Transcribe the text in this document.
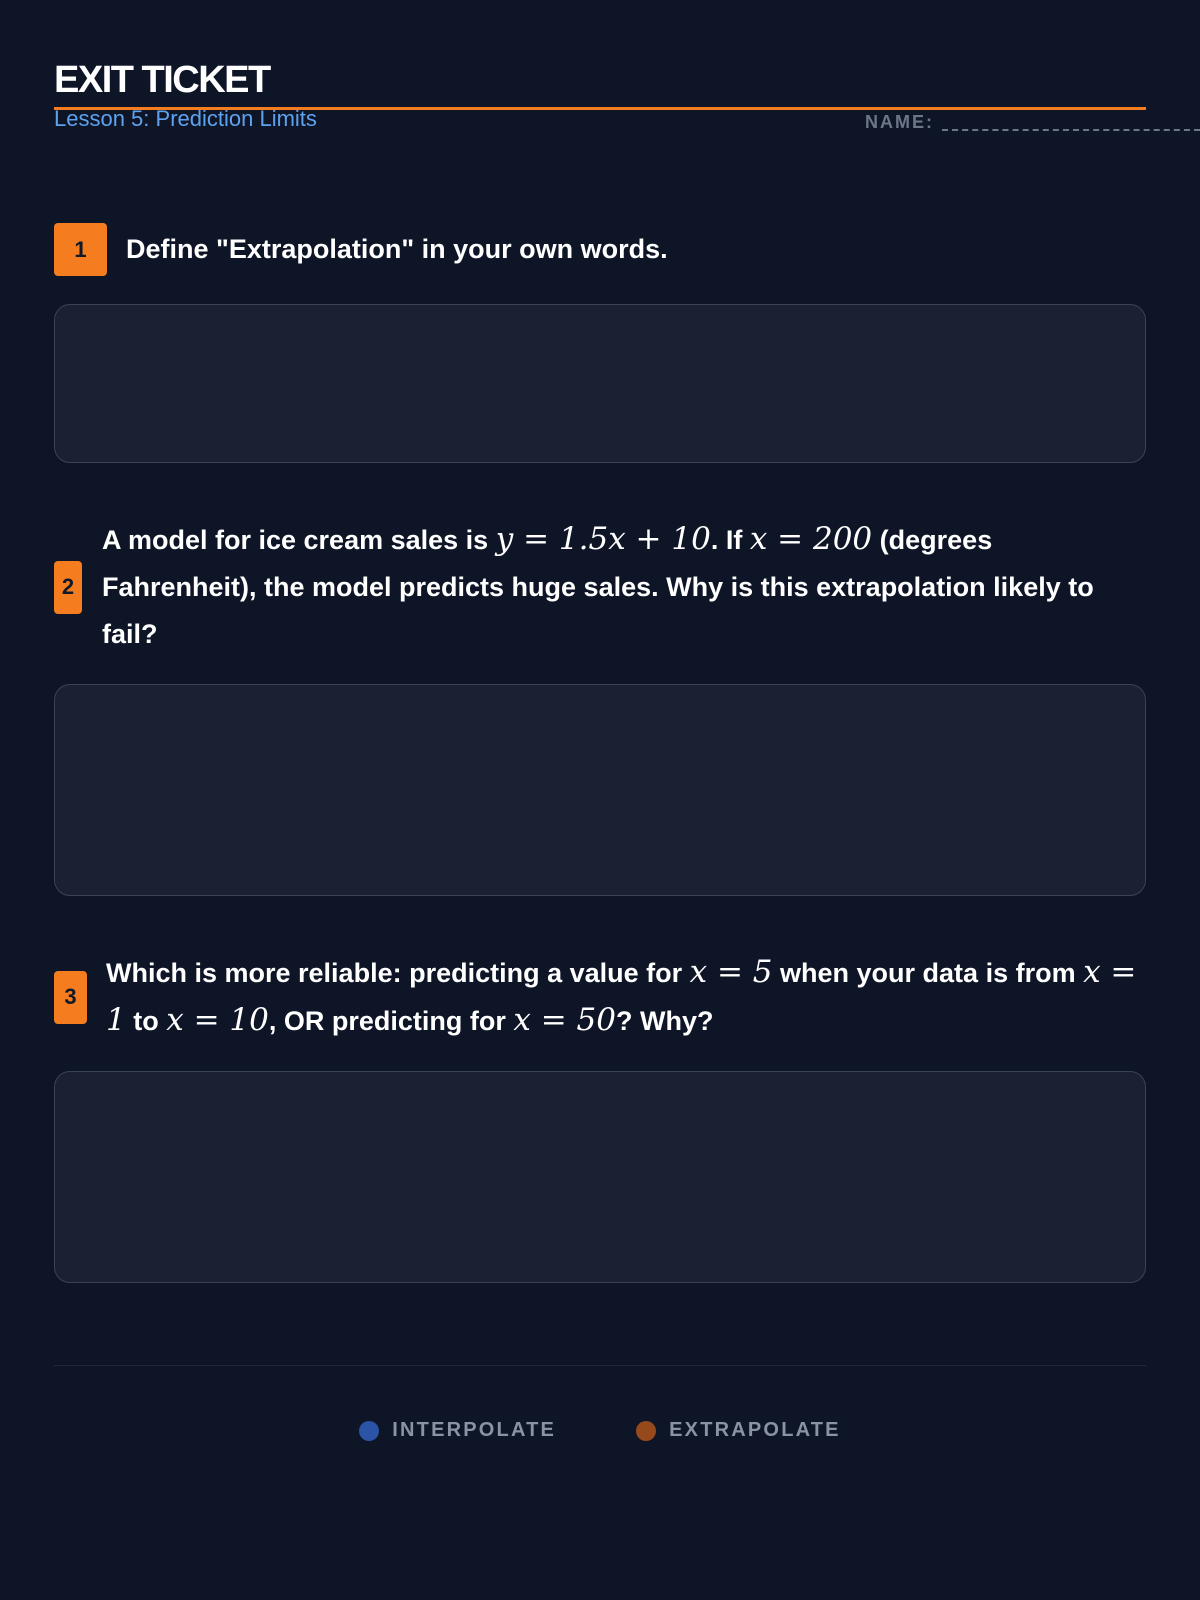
EXIT TICKET
Lesson 5: Prediction Limits	NAME:
1	Define "Extrapolation" in your own words.
2
A model for ice cream sales is y = 1.5x + 10. If x = 200 (degrees Fahrenheit), the model predicts huge sales. Why is this extrapolation likely to fail?
3
Which is more reliable: predicting a value for x = 5 when your data is from x = 1 to x = 10, OR predicting for x = 50? Why?
INTERPOLATE	EXTRAPOLATE
